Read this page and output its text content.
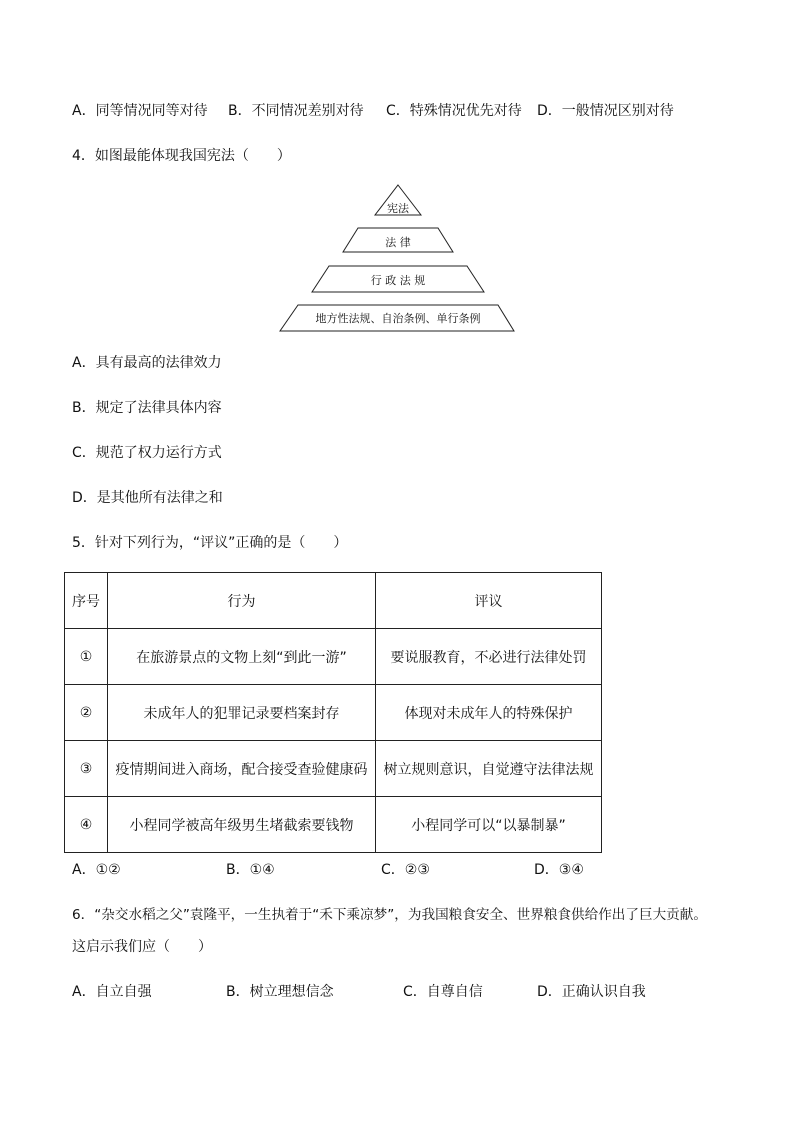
A．同等情况同等对待 B．不同情况差别对待 C．特殊情况优先对待 D．一般情况区别对待
4．如图最能体现我国宪法（　　）
宪法
法 律
行 政 法 规
地方性法规、自治条例、单行条例
A．具有最高的法律效力
B．规定了法律具体内容
C．规范了权力运行方式
D．是其他所有法律之和
5．针对下列行为，“评议”正确的是（　　）
序号	行为	评议
①	在旅游景点的文物上刻“到此一游”	要说服教育，不必进行法律处罚
②	未成年人的犯罪记录要档案封存	体现对未成年人的特殊保护
③	疫情期间进入商场，配合接受查验健康码	树立规则意识，自觉遵守法律法规
④	小程同学被高年级男生堵截索要钱物	小程同学可以“以暴制暴”
A．①②	B．①④	C．②③	D．③④
6．“杂交水稻之父”袁隆平，一生执着于“禾下乘凉梦”，为我国粮食安全、世界粮食供给作出了巨大贡献。
这启示我们应（　　）
A．自立自强	B．树立理想信念	C．自尊自信	D．正确认识自我
